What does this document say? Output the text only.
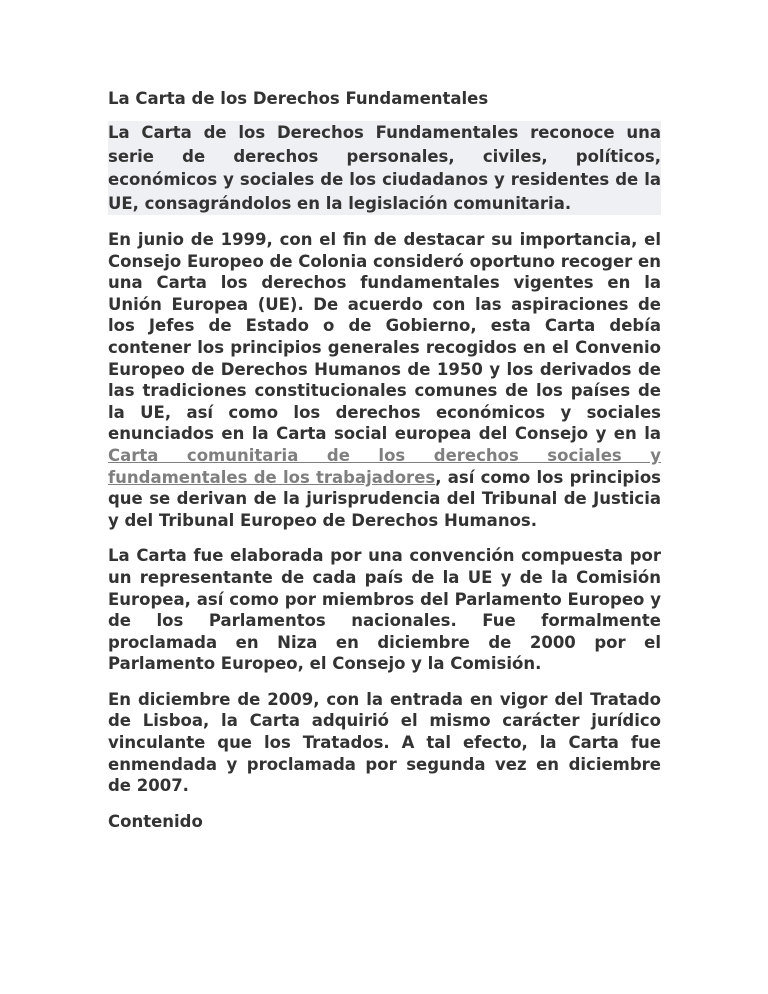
La Carta de los Derechos Fundamentales
La Carta de los Derechos Fundamentales reconoce una serie de derechos personales, civiles, políticos, económicos y sociales de los ciudadanos y residentes de la UE, consagrándolos en la legislación comunitaria.
En junio de 1999, con el fin de destacar su importancia, el Consejo Europeo de Colonia consideró oportuno recoger en una Carta los derechos fundamentales vigentes en la Unión Europea (UE). De acuerdo con las aspiraciones de los Jefes de Estado o de Gobierno, esta Carta debía contener los principios generales recogidos en el Convenio Europeo de Derechos Humanos de 1950 y los derivados de las tradiciones constitucionales comunes de los países de la UE, así como los derechos económicos y sociales enunciados en la Carta social europea del Consejo y en la Carta comunitaria de los derechos sociales y fundamentales de los trabajadores, así como los principios que se derivan de la jurisprudencia del Tribunal de Justicia y del Tribunal Europeo de Derechos Humanos.
La Carta fue elaborada por una convención compuesta por un representante de cada país de la UE y de la Comisión Europea, así como por miembros del Parlamento Europeo y de los Parlamentos nacionales. Fue formalmente proclamada en Niza en diciembre de 2000 por el Parlamento Europeo, el Consejo y la Comisión.
En diciembre de 2009, con la entrada en vigor del Tratado de Lisboa, la Carta adquirió el mismo carácter jurídico vinculante que los Tratados. A tal efecto, la Carta fue enmendada y proclamada por segunda vez en diciembre de 2007.
Contenido
